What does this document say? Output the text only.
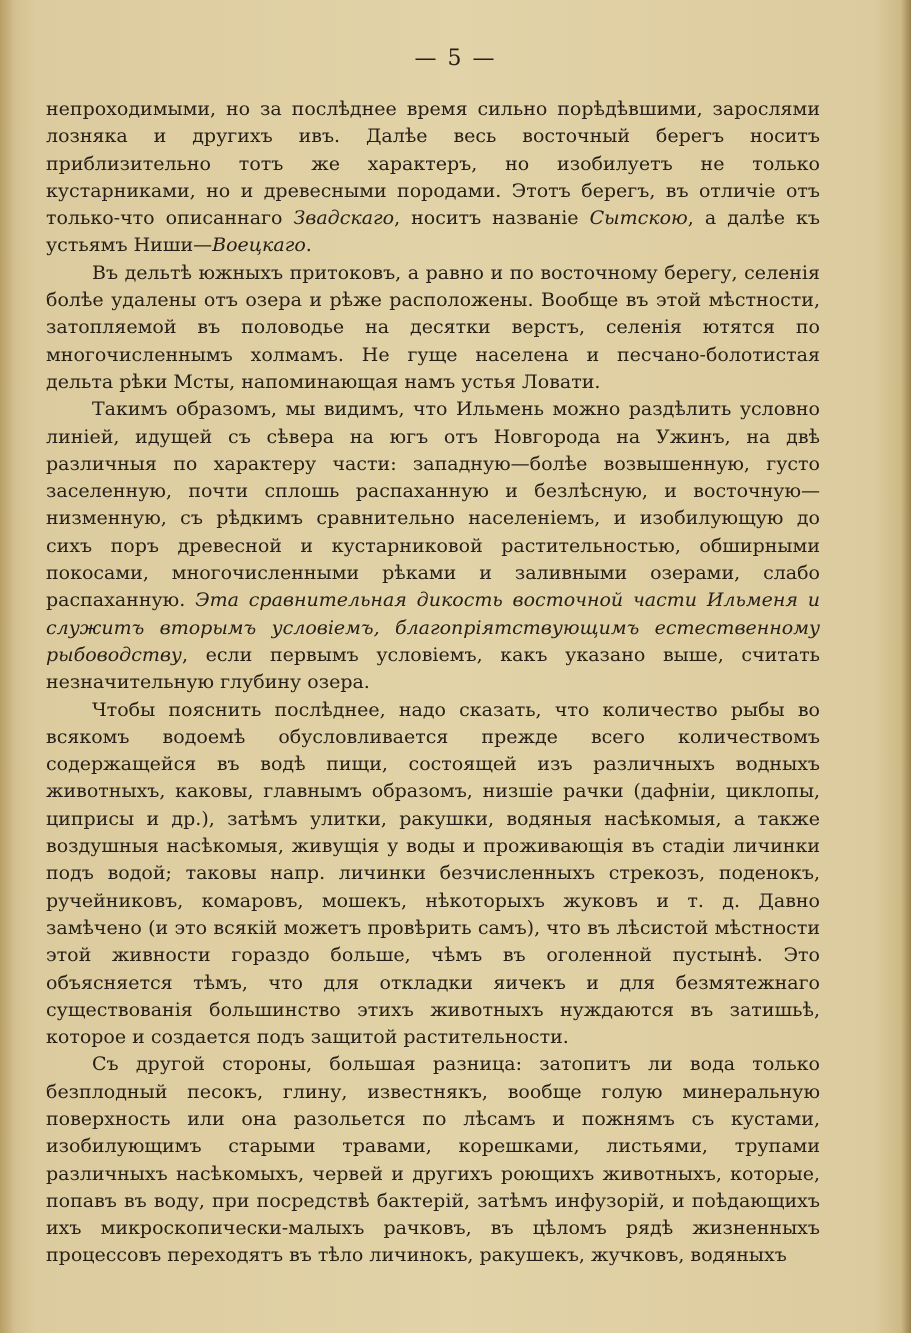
— 5 —

непроходимыми, но за послѣднее время сильно порѣдѣвшими, зарослями лозняка и другихъ ивъ. Далѣе весь восточный берегъ носитъ приблизительно тотъ же характеръ, но изобилуетъ не только кустарниками, но и древесными породами. Этотъ берегъ, въ отличіе отъ только-что описаннаго Звадскаго, носитъ названіе Сытскою, а далѣе къ устьямъ Ниши—Воецкаго.

Въ дельтѣ южныхъ притоковъ, а равно и по восточному берегу, селенія болѣе удалены отъ озера и рѣже расположены. Вообще въ этой мѣстности, затопляемой въ половодье на десятки верстъ, селенія ютятся по многочисленнымъ холмамъ. Не гуще населена и песчано-болотистая дельта рѣки Мсты, напоминающая намъ устья Ловати.

Такимъ образомъ, мы видимъ, что Ильмень можно раздѣлить условно линіей, идущей съ сѣвера на югъ отъ Новгорода на Ужинъ, на двѣ различныя по характеру части: западную—болѣе возвышенную, густо заселенную, почти сплошь распаханную и безлѣсную, и восточную—низменную, съ рѣдкимъ сравнительно населеніемъ, и изобилующую до сихъ поръ древесной и кустарниковой растительностью, обширными покосами, многочисленными рѣками и заливными озерами, слабо распаханную. Эта сравнительная дикость восточной части Ильменя и служитъ вторымъ условіемъ, благопріятствующимъ естественному рыбоводству, если первымъ условіемъ, какъ указано выше, считать незначительную глубину озера.

Чтобы пояснить послѣднее, надо сказать, что количество рыбы во всякомъ водоемѣ обусловливается прежде всего количествомъ содержащейся въ водѣ пищи, состоящей изъ различныхъ водныхъ животныхъ, каковы, главнымъ образомъ, низшіе рачки (дафніи, циклопы, циприсы и др.), затѣмъ улитки, ракушки, водяныя насѣкомыя, а также воздушныя насѣкомыя, живущія у воды и проживающія въ стадіи личинки подъ водой; таковы напр. личинки безчисленныхъ стрекозъ, поденокъ, ручейниковъ, комаровъ, мошекъ, нѣкоторыхъ жуковъ и т. д. Давно замѣчено (и это всякій можетъ провѣрить самъ), что въ лѣсистой мѣстности этой живности гораздо больше, чѣмъ въ оголенной пустынѣ. Это объясняется тѣмъ, что для откладки яичекъ и для безмятежнаго существованія большинство этихъ животныхъ нуждаются въ затишьѣ, которое и создается подъ защитой растительности.

Съ другой стороны, большая разница: затопитъ ли вода только безплодный песокъ, глину, известнякъ, вообще голую минеральную поверхность или она разольется по лѣсамъ и пожнямъ съ кустами, изобилующимъ старыми травами, корешками, листьями, трупами различныхъ насѣкомыхъ, червей и другихъ роющихъ животныхъ, которые, попавъ въ воду, при посредствѣ бактерій, затѣмъ инфузорій, и поѣдающихъ ихъ микроскопически-малыхъ рачковъ, въ цѣломъ рядѣ жизненныхъ процессовъ переходятъ въ тѣло личинокъ, ракушекъ, жучковъ, водяныхъ
